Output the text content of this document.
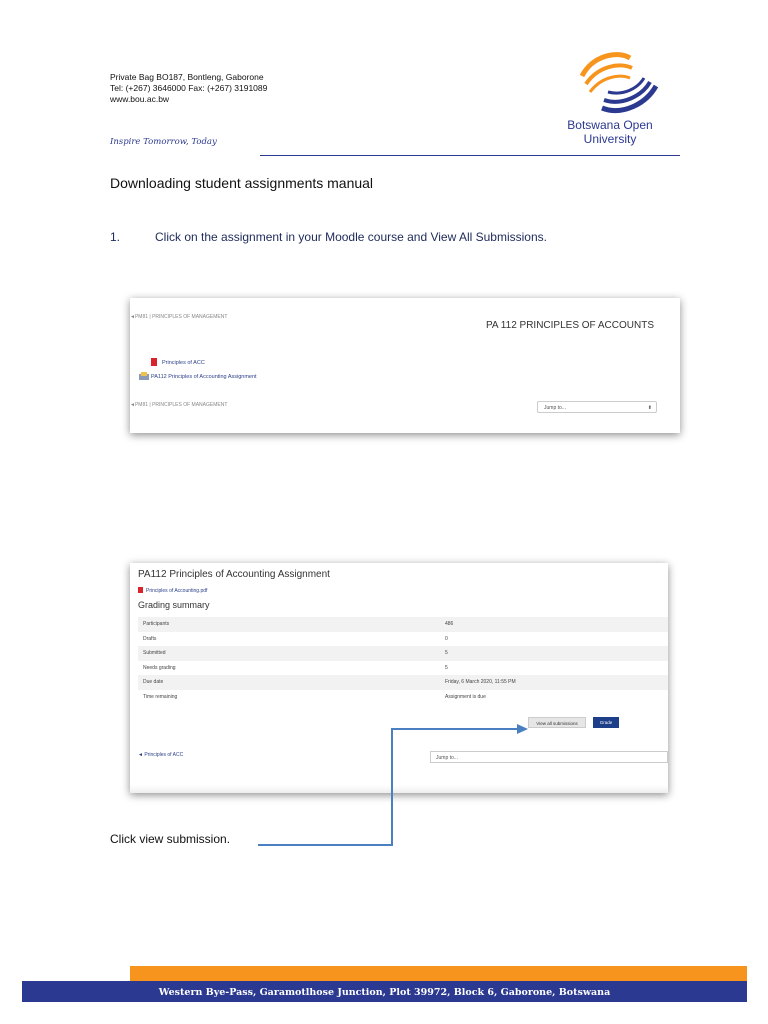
Private Bag BO187, Bontleng, Gaborone
Tel: (+267) 3646000 Fax: (+267) 3191089
www.bou.ac.bw
Inspire Tomorrow, Today
Botswana Open
University
Downloading student assignments manual
1.	Click on the assignment in your Moodle course and View All Submissions.
◄PM81 | PRINCIPLES OF MANAGEMENT
PA 112 PRINCIPLES OF ACCOUNTS
Principles of ACC
PA112 Principles of Accounting Assignment
◄PM81 | PRINCIPLES OF MANAGEMENT	Jump to...	⬍
PA112 Principles of Accounting Assignment
Principles of Accounting.pdf
Grading summary
Participants	486
Drafts	0
Submitted	5
Needs grading	5
Due date	Friday, 6 March 2020, 11:55 PM
Time remaining	Assignment is due
View all submissions	Grade
◄ Principles of ACC	Jump to...
Click view submission.
Western Bye-Pass, Garamotlhose Junction, Plot 39972, Block 6, Gaborone, Botswana
